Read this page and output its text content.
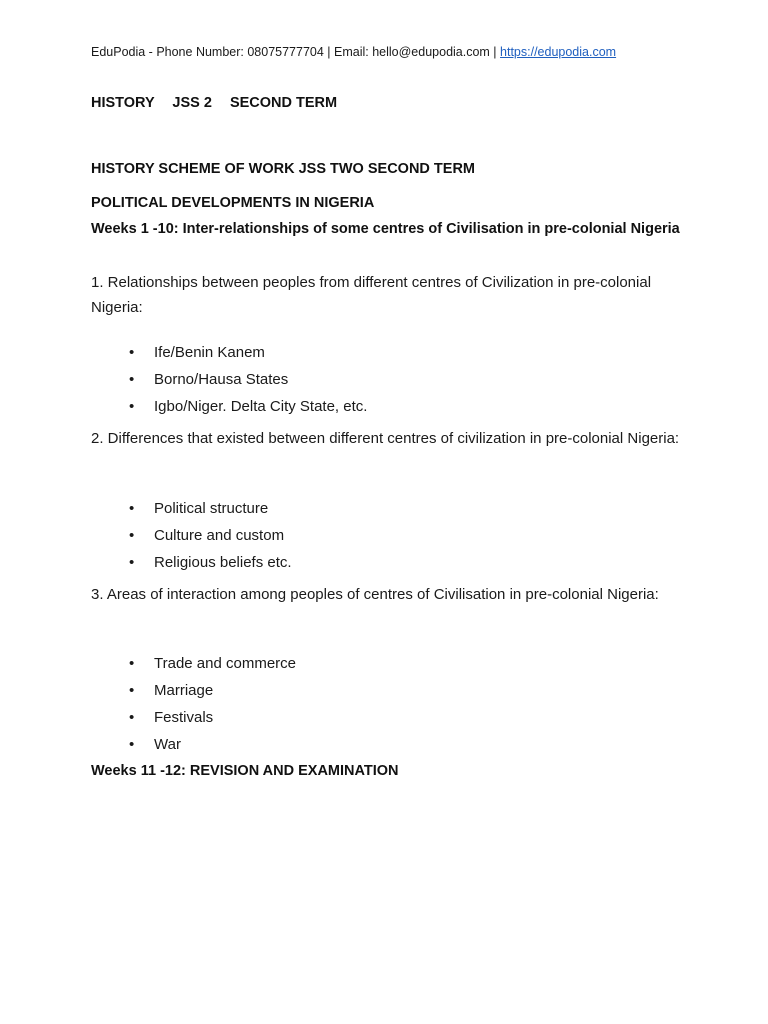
EduPodia - Phone Number: 08075777704 | Email: hello@edupodia.com | https://edupodia.com
HISTORY JSS 2 SECOND TERM
HISTORY SCHEME OF WORK JSS TWO SECOND TERM
POLITICAL DEVELOPMENTS IN NIGERIA
Weeks 1 -10: Inter-relationships of some centres of Civilisation in pre-colonial Nigeria
1. Relationships between peoples from different centres of Civilization in pre-colonial Nigeria:
• Ife/Benin Kanem
• Borno/Hausa States
• Igbo/Niger. Delta City State, etc.
2. Differences that existed between different centres of civilization in pre-colonial Nigeria:
• Political structure
• Culture and custom
• Religious beliefs etc.
3. Areas of interaction among peoples of centres of Civilisation in pre-colonial Nigeria:
• Trade and commerce
• Marriage
• Festivals
• War
Weeks 11 -12: REVISION AND EXAMINATION
